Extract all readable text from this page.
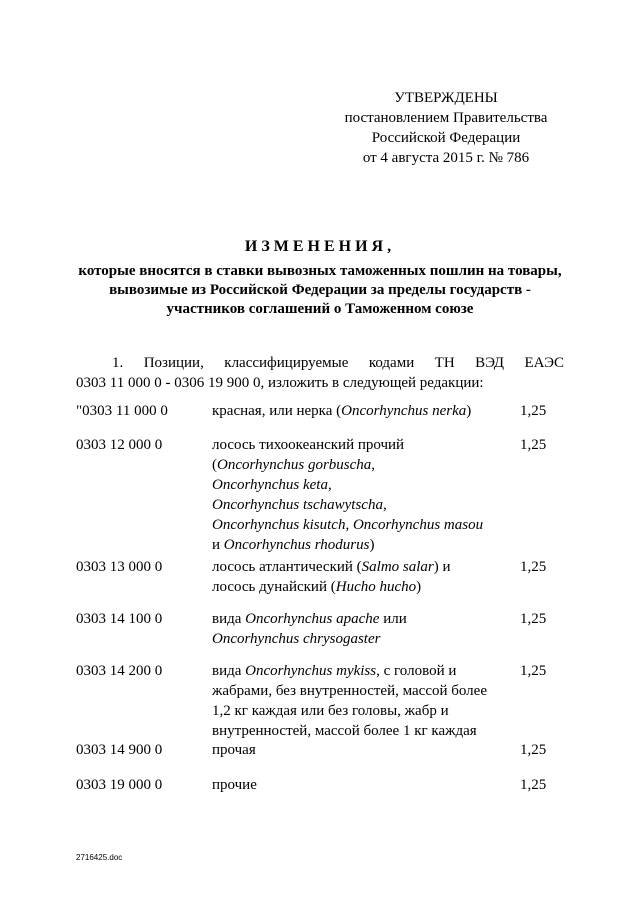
УТВЕРЖДЕНЫ
постановлением Правительства
Российской Федерации
от 4 августа 2015 г. № 786
ИЗМЕНЕНИЯ,
которые вносятся в ставки вывозных таможенных пошлин на товары,
вывозимые из Российской Федерации за пределы государств -
участников соглашений о Таможенном союзе
1. Позиции, классифицируемые кодами ТН ВЭД ЕАЭС
0303 11 000 0 - 0306 19 900 0, изложить в следующей редакции:
"0303 11 000 0	красная, или нерка (Oncorhynchus nerka)	1,25
0303 12 000 0	лосось тихоокеанский прочий
(Oncorhynchus gorbuscha,
Oncorhynchus keta,
Oncorhynchus tschawytscha,
Oncorhynchus kisutch, Oncorhynchus masou
и Oncorhynchus rhodurus)
1,25
0303 13 000 0	лосось атлантический (Salmo salar) и
лосось дунайский (Hucho hucho)
1,25
0303 14 100 0	вида Oncorhynchus apache или
Oncorhynchus chrysogaster
1,25
0303 14 200 0	вида Oncorhynchus mykiss, с головой и
жабрами, без внутренностей, массой более
1,2 кг каждая или без головы, жабр и
внутренностей, массой более 1 кг каждая
1,25
0303 14 900 0	прочая	1,25
0303 19 000 0	прочие	1,25
2716425.doc
